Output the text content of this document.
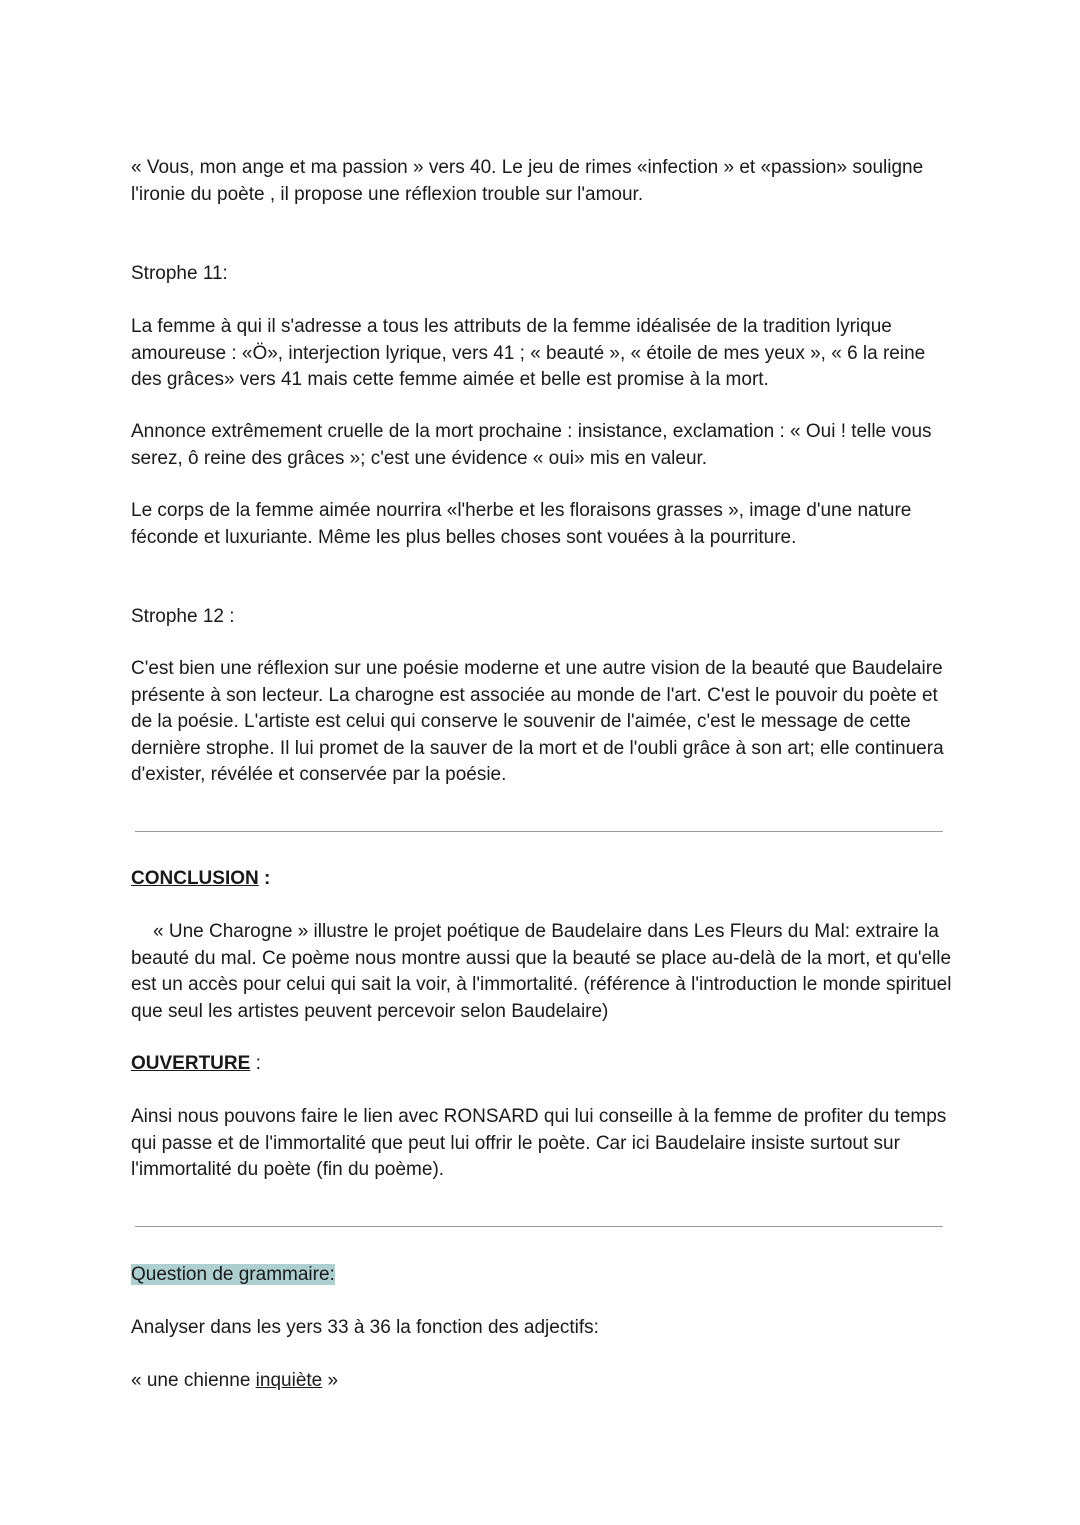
« Vous, mon ange et ma passion » vers 40. Le jeu de rimes «infection » et «passion» souligne l'ironie du poète , il propose une réflexion trouble sur l'amour.

Strophe 11:

La femme à qui il s'adresse a tous les attributs de la femme idéalisée de la tradition lyrique amoureuse : «Ö», interjection lyrique, vers 41 ; « beauté », « étoile de mes yeux », « 6 la reine des grâces» vers 41 mais cette femme aimée et belle est promise à la mort.

Annonce extrêmement cruelle de la mort prochaine : insistance, exclamation : « Oui ! telle vous serez, ô reine des grâces »; c'est une évidence « oui» mis en valeur.

Le corps de la femme aimée nourrira «l'herbe et les floraisons grasses », image d'une nature féconde et luxuriante. Même les plus belles choses sont vouées à la pourriture.

Strophe 12 :

C'est bien une réflexion sur une poésie moderne et une autre vision de la beauté que Baudelaire présente à son lecteur. La charogne est associée au monde de l'art. C'est le pouvoir du poète et de la poésie. L'artiste est celui qui conserve le souvenir de l'aimée, c'est le message de cette dernière strophe. Il lui promet de la sauver de la mort et de l'oubli grâce à son art; elle continuera d'exister, révélée et conservée par la poésie.

CONCLUSION :

« Une Charogne » illustre le projet poétique de Baudelaire dans Les Fleurs du Mal: extraire la beauté du mal. Ce poème nous montre aussi que la beauté se place au-delà de la mort, et qu'elle est un accès pour celui qui sait la voir, à l'immortalité. (référence à l'introduction le monde spirituel que seul les artistes peuvent percevoir selon Baudelaire)

OUVERTURE :

Ainsi nous pouvons faire le lien avec RONSARD qui lui conseille à la femme de profiter du temps qui passe et de l'immortalité que peut lui offrir le poète. Car ici Baudelaire insiste surtout sur l'immortalité du poète (fin du poème).

Question de grammaire:

Analyser dans les yers 33 à 36 la fonction des adjectifs:

« une chienne inquiète »
